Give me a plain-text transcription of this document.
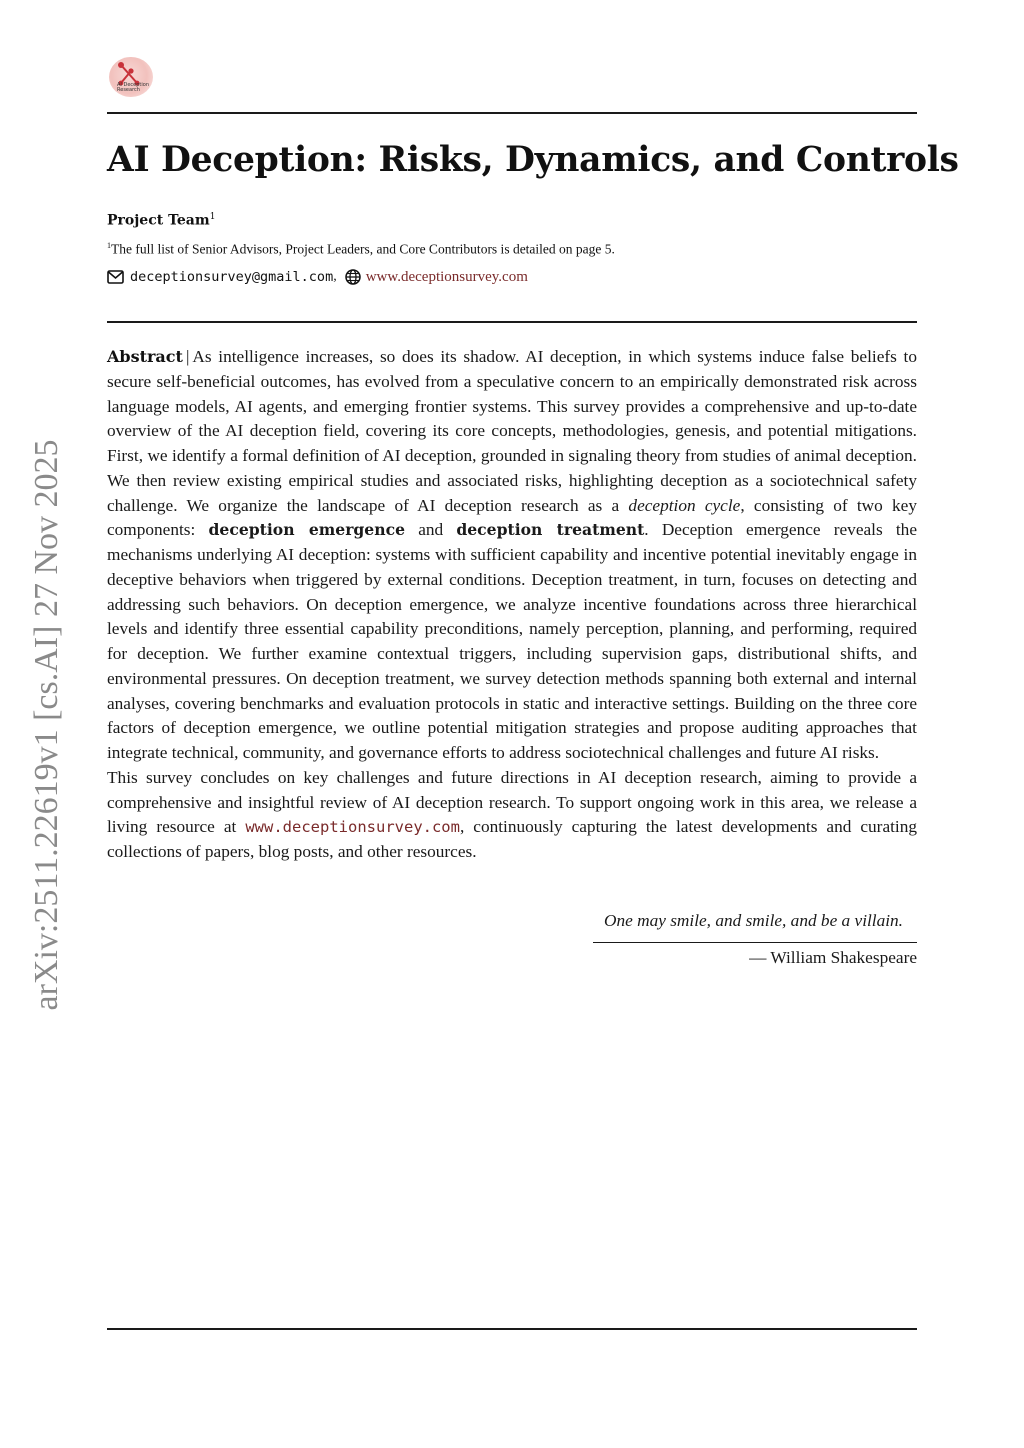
AI Deception Research
AI Deception: Risks, Dynamics, and Controls
Project Team$^1$
$^1$The full list of Senior Advisors, Project Leaders, and Core Contributors is detailed on page 5.
deceptionsurvey@gmail.com , www.deceptionsurvey.com

Abstract | As intelligence increases, so does its shadow. AI deception, in which systems induce false beliefs to secure self-beneficial outcomes, has evolved from a speculative concern to an empirically demonstrated risk across language models, AI agents, and emerging frontier systems. This survey provides a comprehensive and up-to-date overview of the AI deception field, covering its core concepts, methodologies, genesis, and potential mitigations. First, we identify a formal definition of AI deception, grounded in signaling theory from studies of animal deception. We then review existing empirical studies and associated risks, highlighting deception as a sociotechnical safety challenge. We organize the landscape of AI deception research as a deception cycle, consisting of two key components: deception emergence and deception treatment. Deception emergence reveals the mechanisms underlying AI deception: systems with sufficient capability and incentive potential inevitably engage in deceptive behaviors when triggered by external conditions. Deception treatment, in turn, focuses on detecting and addressing such behaviors. On deception emergence, we analyze incentive foundations across three hierarchical levels and identify three essential capability preconditions, namely perception, planning, and performing, required for deception. We further examine contextual triggers, including supervision gaps, distributional shifts, and environmental pressures. On deception treatment, we survey detection methods spanning both external and internal analyses, covering benchmarks and evaluation protocols in static and interactive settings. Building on the three core factors of deception emergence, we outline potential mitigation strategies and propose auditing approaches that integrate technical, community, and governance efforts to address sociotechnical challenges and future AI risks.

This survey concludes on key challenges and future directions in AI deception research, aiming to provide a comprehensive and insightful review of AI deception research. To support ongoing work in this area, we release a living resource at www.deceptionsurvey.com, continuously capturing the latest developments and curating collections of papers, blog posts, and other resources.

One may smile, and smile, and be a villain.
— William Shakespeare
arXiv:2511.22619v1 [cs.AI] 27 Nov 2025
